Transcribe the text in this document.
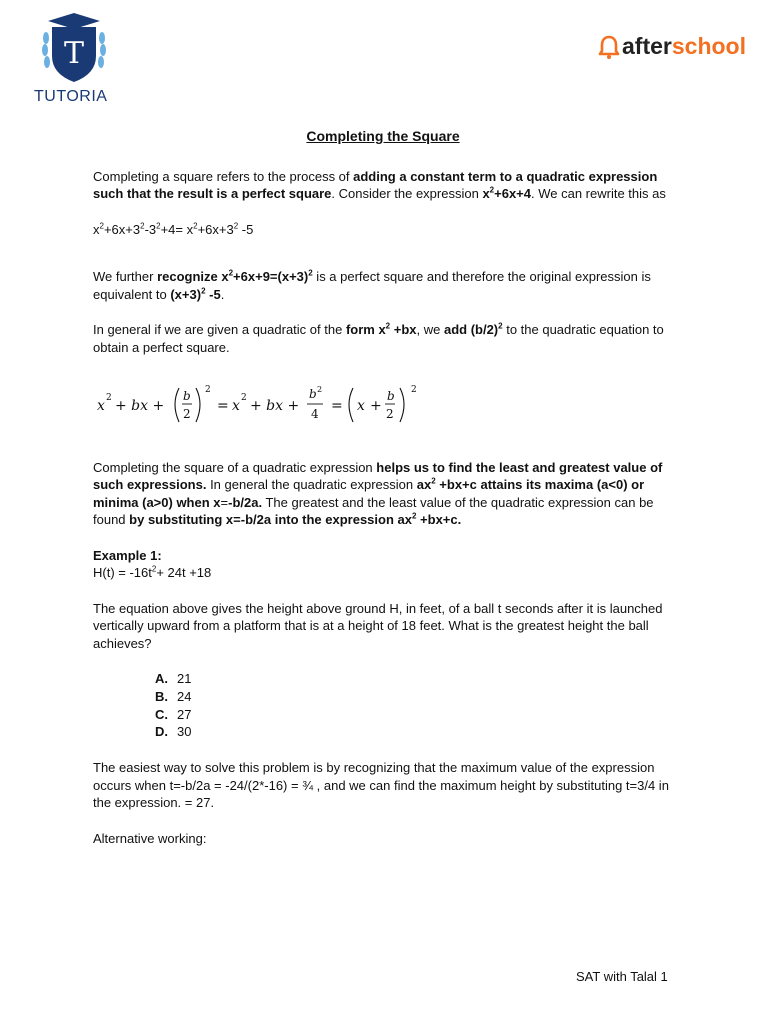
T
TUTORIA
afterschool
Completing the Square

Completing a square refers to the process of adding a constant term to a quadratic expression such that the result is a perfect square. Consider the expression $x^2+6x+4$. We can rewrite this as

$x^2+6x+3^2-3^2+4= x^2+6x+3^2$ -5

We further recognize $x^2+6x+9=(x+3)^2$ is a perfect square and therefore the original expression is equivalent to $(x+3)^2$ -5.

In general if we are given a quadratic of the form $x^2 +bx$, we add $(b/2)^2$ to the quadratic equation to obtain a perfect square.

x 2 + bx +
b
2
2
= x 2 + bx +
b 2
4 = x +
b
2
2

Completing the square of a quadratic expression helps us to find the least and greatest value of such expressions. In general the quadratic expression $ax^2 +bx+c$ attains its maxima (a<0) or minima (a>0) when x=-b/2a. The greatest and the least value of the quadratic expression can be found by substituting x=-b/2a into the expression $ax^2 +bx+c$.

Example 1:
$H(t) = -16t^2+ 24t +18$

The equation above gives the height above ground H, in feet, of a ball t seconds after it is launched vertically upward from a platform that is at a height of 18 feet. What is the greatest height the ball achieves?

A. 21
B. 24
C. 27
D. 30

The easiest way to solve this problem is by recognizing that the maximum value of the expression occurs when t=-b/2a = -24/(2*-16) = ¾ , and we can find the maximum height by substituting t=3/4 in the expression. = 27.

Alternative working:

SAT with Talal 1
